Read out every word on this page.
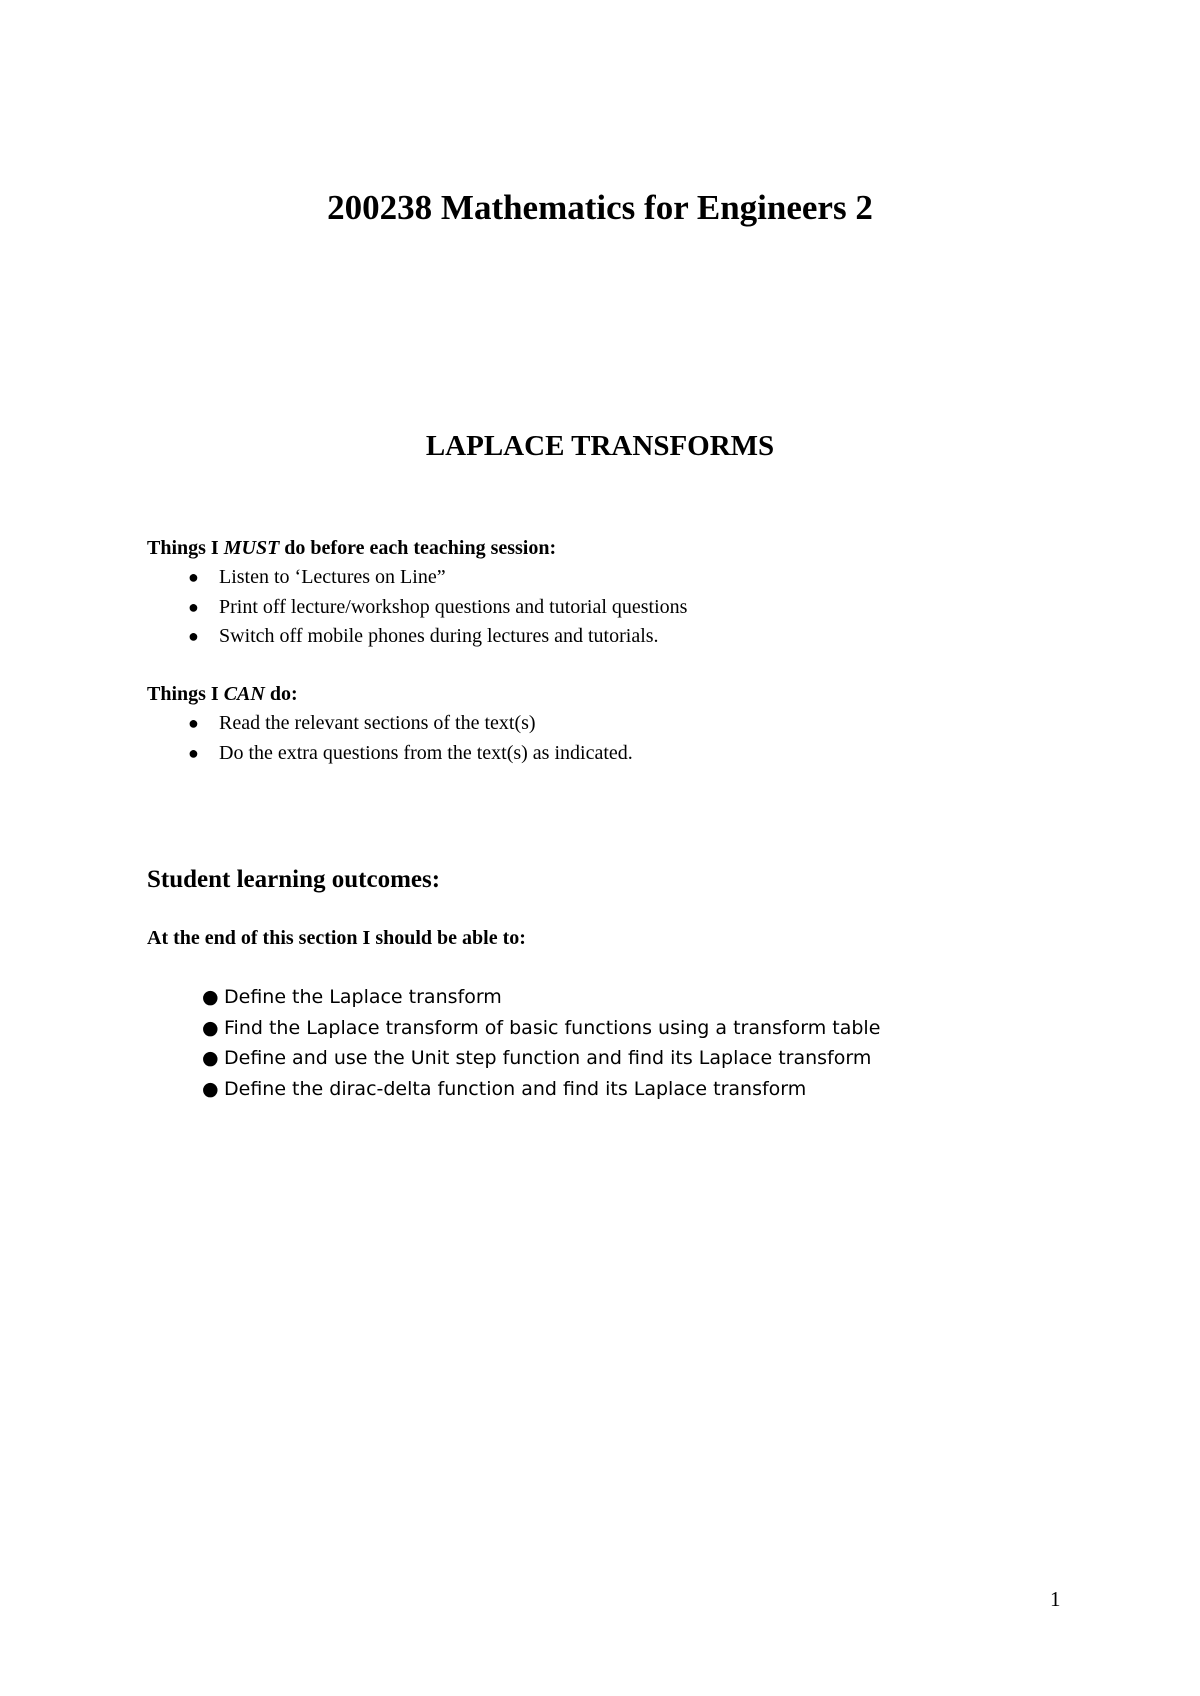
200238 Mathematics for Engineers 2
LAPLACE TRANSFORMS

Things I MUST do before each teaching session:

● Listen to ‘Lectures on Line”
● Print off lecture/workshop questions and tutorial questions
● Switch off mobile phones during lectures and tutorials.

Things I CAN do:

● Read the relevant sections of the text(s)
● Do the extra questions from the text(s) as indicated.
Student learning outcomes:

At the end of this section I should be able to:

● Define the Laplace transform
● Find the Laplace transform of basic functions using a transform table
● Define and use the Unit step function and find its Laplace transform
● Define the dirac-delta function and find its Laplace transform
1
